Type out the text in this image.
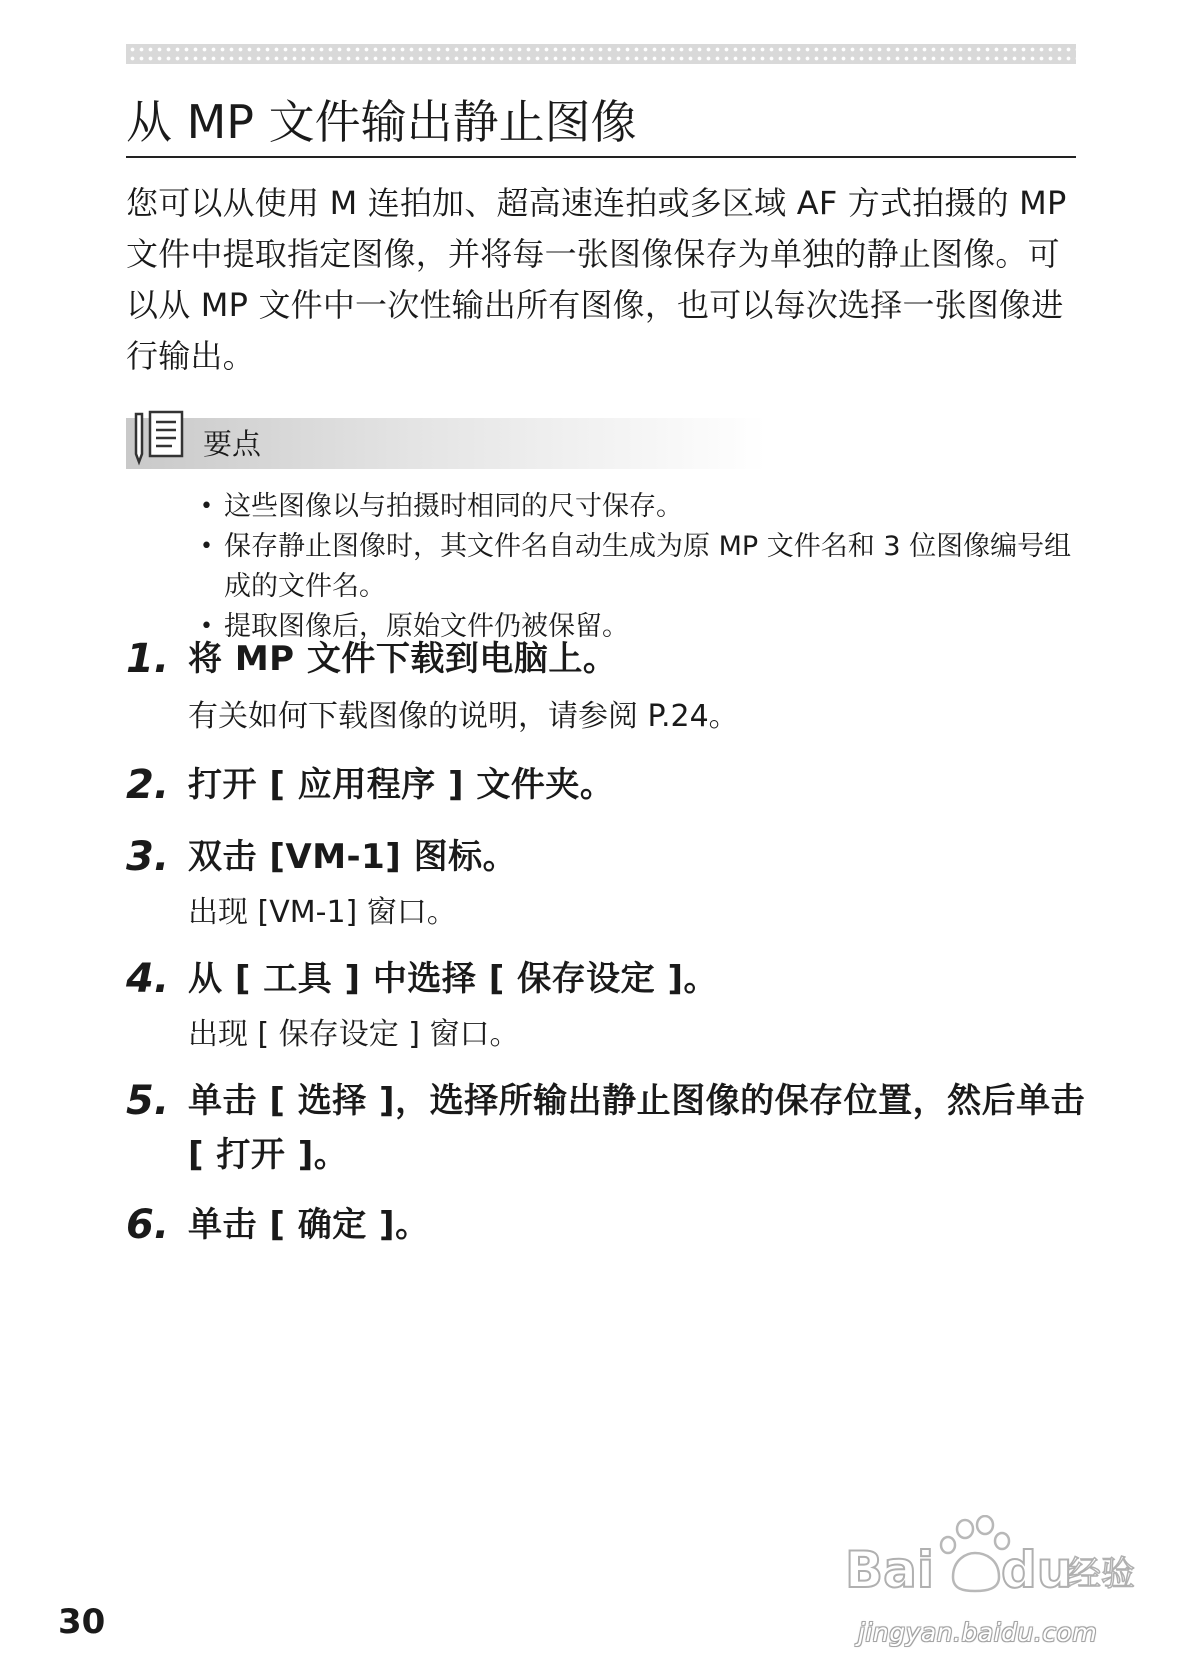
从 MP 文件输出静止图像
您可以从使用 M 连拍加、超高速连拍或多区域 AF 方式拍摄的 MP 文件中提取指定图像，并将每一张图像保存为单独的静止图像。可以从 MP 文件中一次性输出所有图像，也可以每次选择一张图像进行输出。
要点
• 这些图像以与拍摄时相同的尺寸保存。
• 保存静止图像时，其文件名自动生成为原 MP 文件名和 3 位图像编号组成的文件名。
• 提取图像后，原始文件仍被保留。
1. 将 MP 文件下载到电脑上。
有关如何下载图像的说明，请参阅 P.24。
2. 打开 [ 应用程序 ] 文件夹。
3. 双击 [VM-1] 图标。
出现 [VM-1] 窗口。
4. 从 [ 工具 ] 中选择 [ 保存设定 ]。
出现 [ 保存设定 ] 窗口。
5. 单击 [ 选择 ]，选择所输出静止图像的保存位置，然后单击 [ 打开 ]。
6. 单击 [ 确定 ]。
30
Bai du
经验
jingyan.baidu.com
